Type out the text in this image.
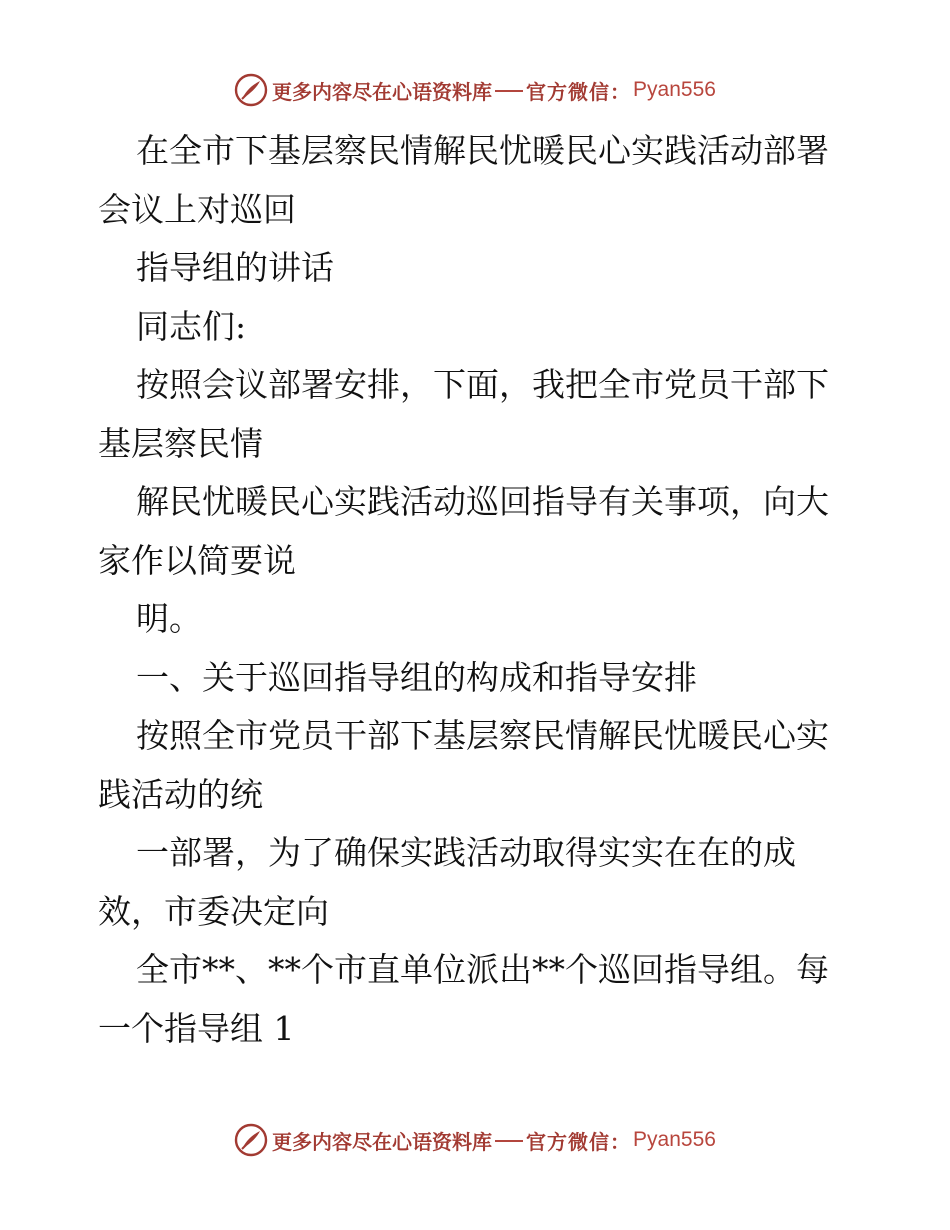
更多内容尽在心语资料库 官方微信： Pyan556

在全市下基层察民情解民忧暖民心实践活动部署

会议上对巡回

指导组的讲话

同志们:

按照会议部署安排，下面，我把全市党员干部下

基层察民情

解民忧暖民心实践活动巡回指导有关事项，向大

家作以简要说

明。

一、关于巡回指导组的构成和指导安排

按照全市党员干部下基层察民情解民忧暖民心实

践活动的统

一部署，为了确保实践活动取得实实在在的成

效，市委决定向

全市**、**个市直单位派出**个巡回指导组。每

一个指导组 1

更多内容尽在心语资料库 官方微信： Pyan556
